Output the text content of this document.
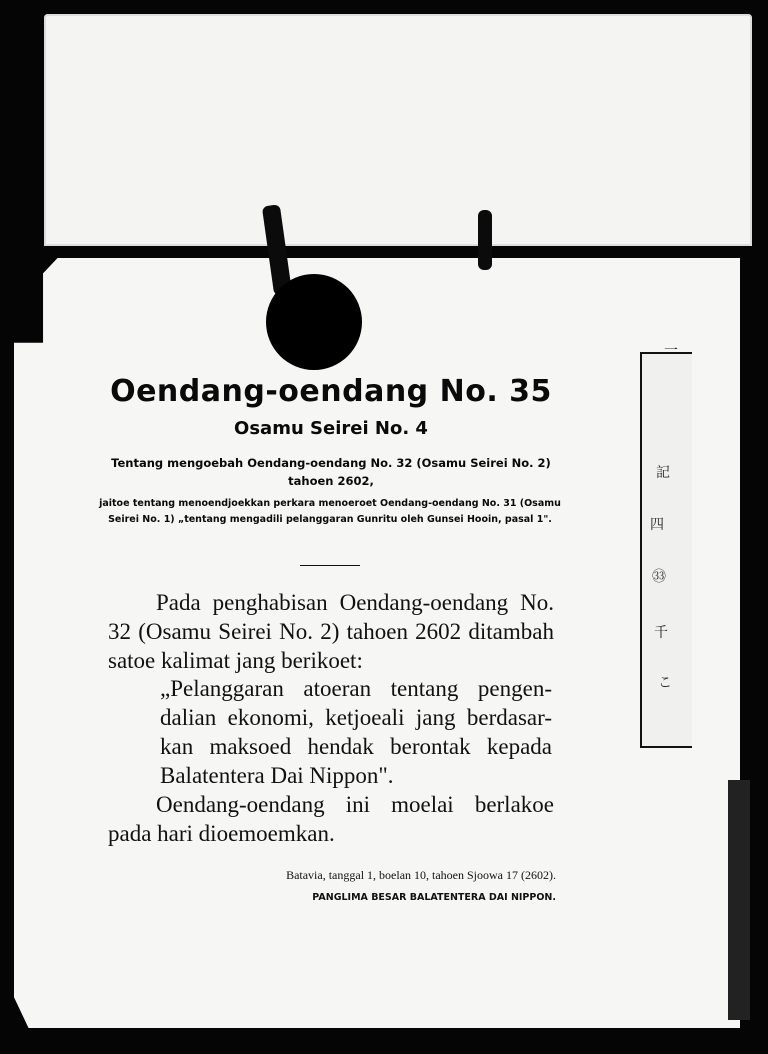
一
記
四
㉝
千
こ
Oendang-oendang No. 35
Osamu Seirei No. 4

Tentang mengoebah Oendang-oendang No. 32 (Osamu Seirei No. 2) tahoen 2602,

jaitoe tentang menoendjoekkan perkara menoeroet Oendang-oendang No. 31 (Osamu Seirei No. 1) „tentang mengadili pelanggaran Gunritu oleh Gunsei Hooin, pasal 1".

Pada penghabisan Oendang-oendang No. 32 (Osamu Seirei No. 2) tahoen 2602 ditambah satoe kalimat jang berikoet:

„Pelanggaran atoeran tentang pengen-dalian ekonomi, ketjoeali jang berdasar-kan maksoed hendak berontak kepada Balatentera Dai Nippon".

Oendang-oendang ini moelai berlakoe pada hari dioemoemkan.

Batavia, tanggal 1, boelan 10, tahoen Sjoowa 17 (2602).

PANGLIMA BESAR BALATENTERA DAI NIPPON.
